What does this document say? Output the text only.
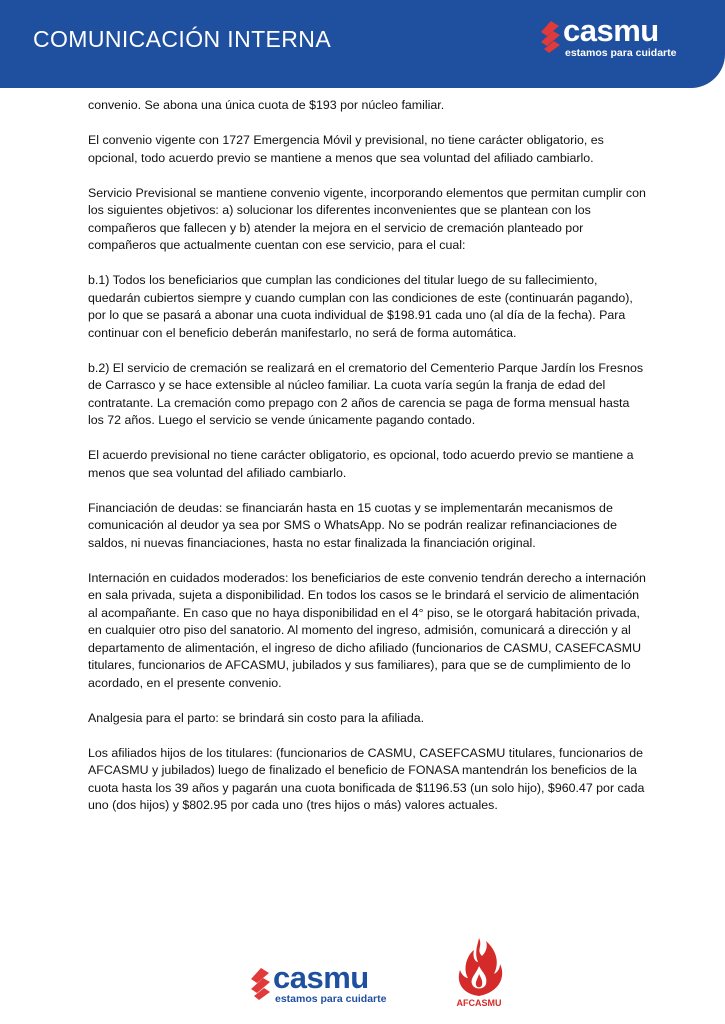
COMUNICACIÓN INTERNA	casmu
estamos para cuidarte

convenio. Se abona una única cuota de $193 por núcleo familiar.

El convenio vigente con 1727 Emergencia Móvil y previsional, no tiene carácter obligatorio, es opcional, todo acuerdo previo se mantiene a menos que sea voluntad del afiliado cambiarlo.

Servicio Previsional se mantiene convenio vigente, incorporando elementos que permitan cumplir con los siguientes objetivos: a) solucionar los diferentes inconvenientes que se plantean con los compañeros que fallecen y b) atender la mejora en el servicio de cremación planteado por compañeros que actualmente cuentan con ese servicio, para el cual:

b.1) Todos los beneficiarios que cumplan las condiciones del titular luego de su fallecimiento, quedarán cubiertos siempre y cuando cumplan con las condiciones de este (continuarán pagando), por lo que se pasará a abonar una cuota individual de $198.91 cada uno (al día de la fecha). Para continuar con el beneficio deberán manifestarlo, no será de forma automática.

b.2) El servicio de cremación se realizará en el crematorio del Cementerio Parque Jardín los Fresnos de Carrasco y se hace extensible al núcleo familiar. La cuota varía según la franja de edad del contratante. La cremación como prepago con 2 años de carencia se paga de forma mensual hasta los 72 años. Luego el servicio se vende únicamente pagando contado.

El acuerdo previsional no tiene carácter obligatorio, es opcional, todo acuerdo previo se mantiene a menos que sea voluntad del afiliado cambiarlo.

Financiación de deudas: se financiarán hasta en 15 cuotas y se implementarán mecanismos de comunicación al deudor ya sea por SMS o WhatsApp. No se podrán realizar refinanciaciones de saldos, ni nuevas financiaciones, hasta no estar finalizada la financiación original.

Internación en cuidados moderados: los beneficiarios de este convenio tendrán derecho a internación en sala privada, sujeta a disponibilidad. En todos los casos se le brindará el servicio de alimentación al acompañante. En caso que no haya disponibilidad en el 4° piso, se le otorgará habitación privada, en cualquier otro piso del sanatorio. Al momento del ingreso, admisión, comunicará a dirección y al departamento de alimentación, el ingreso de dicho afiliado (funcionarios de CASMU, CASEFCASMU titulares, funcionarios de AFCASMU, jubilados y sus familiares), para que se de cumplimiento de lo acordado, en el presente convenio.

Analgesia para el parto: se brindará sin costo para la afiliada.

Los afiliados hijos de los titulares: (funcionarios de CASMU, CASEFCASMU titulares, funcionarios de AFCASMU y jubilados) luego de finalizado el beneficio de FONASA mantendrán los beneficios de la cuota hasta los 39 años y pagarán una cuota bonificada de $1196.53 (un solo hijo), $960.47 por cada uno (dos hijos) y $802.95 por cada uno (tres hijos o más) valores actuales.

casmu
estamos para cuidarte	AFCASMU
